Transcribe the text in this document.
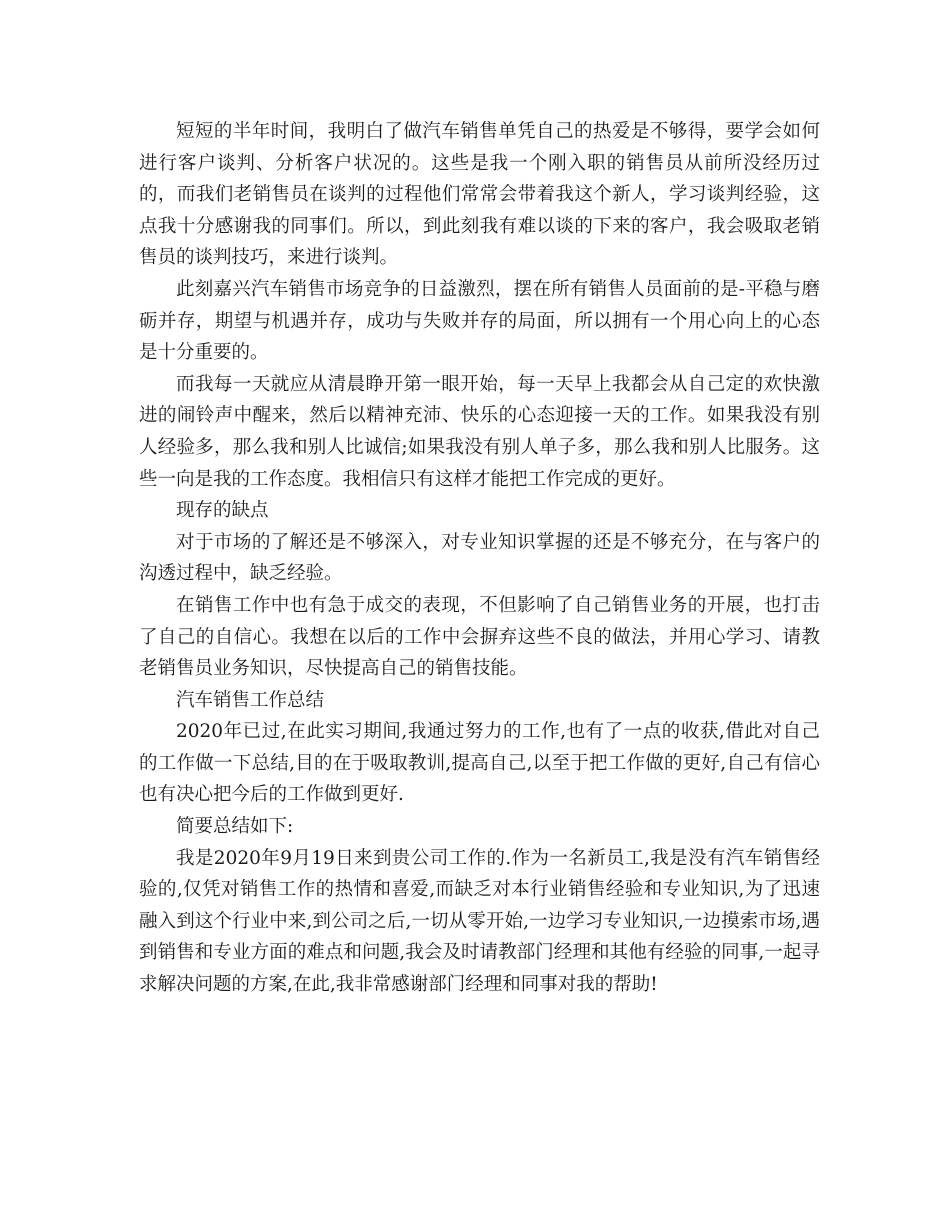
短短的半年时间，我明白了做汽车销售单凭自己的热爱是不够得，要学会如何进行客户谈判、分析客户状况的。这些是我一个刚入职的销售员从前所没经历过的，而我们老销售员在谈判的过程他们常常会带着我这个新人，学习谈判经验，这点我十分感谢我的同事们。所以，到此刻我有难以谈的下来的客户，我会吸取老销售员的谈判技巧，来进行谈判。

此刻嘉兴汽车销售市场竞争的日益激烈，摆在所有销售人员面前的是-平稳与磨砺并存，期望与机遇并存，成功与失败并存的局面，所以拥有一个用心向上的心态是十分重要的。

而我每一天就应从清晨睁开第一眼开始，每一天早上我都会从自己定的欢快激进的闹铃声中醒来，然后以精神充沛、快乐的心态迎接一天的工作。如果我没有别人经验多，那么我和别人比诚信;如果我没有别人单子多，那么我和别人比服务。这些一向是我的工作态度。我相信只有这样才能把工作完成的更好。

现存的缺点

对于市场的了解还是不够深入，对专业知识掌握的还是不够充分，在与客户的沟透过程中，缺乏经验。

在销售工作中也有急于成交的表现，不但影响了自己销售业务的开展，也打击了自己的自信心。我想在以后的工作中会摒弃这些不良的做法，并用心学习、请教老销售员业务知识，尽快提高自己的销售技能。

汽车销售工作总结

2020年已过,在此实习期间,我通过努力的工作,也有了一点的收获,借此对自己的工作做一下总结,目的在于吸取教训,提高自己,以至于把工作做的更好,自己有信心也有决心把今后的工作做到更好.

简要总结如下:

我是2020年9月19日来到贵公司工作的.作为一名新员工,我是没有汽车销售经验的,仅凭对销售工作的热情和喜爱,而缺乏对本行业销售经验和专业知识,为了迅速融入到这个行业中来,到公司之后,一切从零开始,一边学习专业知识,一边摸索市场,遇到销售和专业方面的难点和问题,我会及时请教部门经理和其他有经验的同事,一起寻求解决问题的方案,在此,我非常感谢部门经理和同事对我的帮助!
